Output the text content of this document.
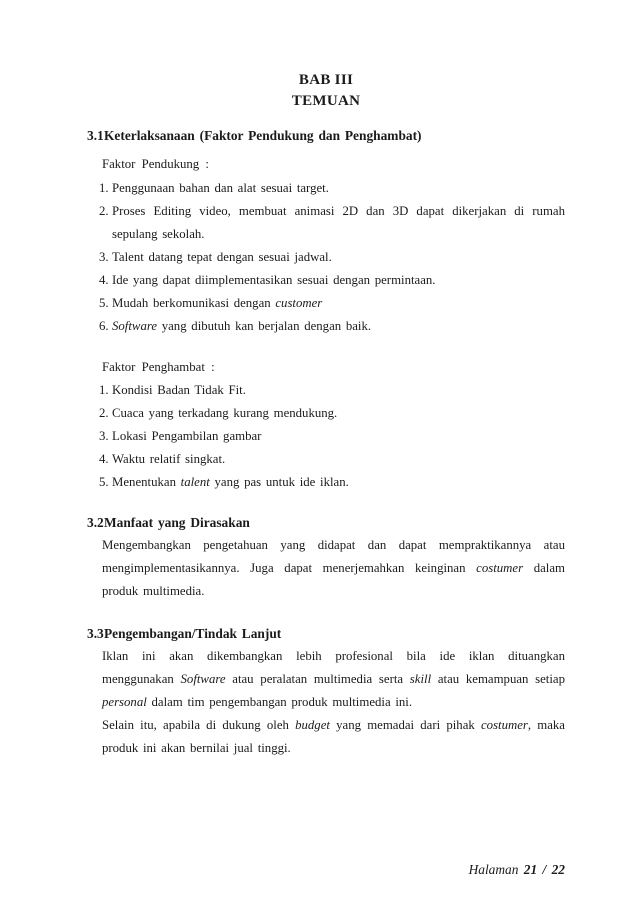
BAB III
TEMUAN
3.1 Keterlaksanaan (Faktor Pendukung dan Penghambat)
Faktor Pendukung :
1. Penggunaan bahan dan alat sesuai target.
2. Proses Editing video, membuat animasi 2D dan 3D dapat dikerjakan di rumah
sepulang sekolah.
3. Talent datang tepat dengan sesuai jadwal.
4. Ide yang dapat diimplementasikan sesuai dengan permintaan.
5. Mudah berkomunikasi dengan customer
6. Software yang dibutuh kan berjalan dengan baik.
Faktor Penghambat :
1. Kondisi Badan Tidak Fit.
2. Cuaca yang terkadang kurang mendukung.
3. Lokasi Pengambilan gambar
4. Waktu relatif singkat.
5. Menentukan talent yang pas untuk ide iklan.
3.2 Manfaat yang Dirasakan
Mengembangkan pengetahuan yang didapat dan dapat mempraktikannya atau
mengimplementasikannya. Juga dapat menerjemahkan keinginan costumer dalam
produk multimedia.
3.3 Pengembangan/Tindak Lanjut
Iklan ini akan dikembangkan lebih profesional bila ide iklan dituangkan
menggunakan Software atau peralatan multimedia serta skill atau kemampuan setiap
personal dalam tim pengembangan produk multimedia ini.
Selain itu, apabila di dukung oleh budget yang memadai dari pihak costumer, maka
produk ini akan bernilai jual tinggi.
Halaman 21 / 22
